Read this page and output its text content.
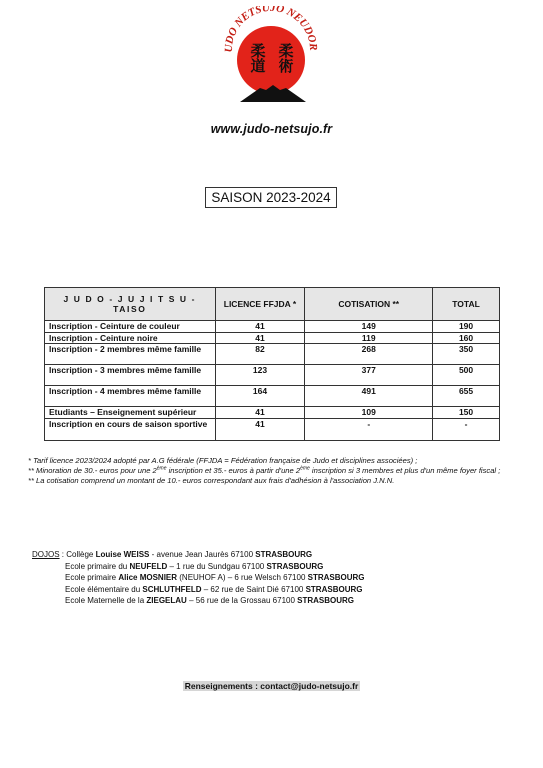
UDO NETSUJO NEUDOR
柔道 柔術
www.judo-netsujo.fr
SAISON 2023-2024
J U D O - J U J I T S U - TAISO	LICENCE FFJDA *	COTISATION **	TOTAL
Inscription - Ceinture de couleur	41	149	190
Inscription - Ceinture noire	41	119	160
Inscription - 2 membres même famille	82	268	350
Inscription - 3 membres même famille	123	377	500
Inscription - 4 membres même famille	164	491	655
Etudiants – Enseignement supérieur	41	109	150
Inscription en cours de saison sportive	41	-	-

* Tarif licence 2023/2024 adopté par A.G fédérale (FFJDA = Fédération française de Judo et disciplines associées) ;

** Minoration de 30.- euros pour une 2ème inscription et 35.- euros à partir d'une 2ème inscription si 3 membres et plus d'un même foyer fiscal ;

** La cotisation comprend un montant de 10.- euros correspondant aux frais d'adhésion à l'association J.N.N.

DOJOS : Collège Louise WEISS - avenue Jean Jaurès 67100 STRASBOURG
Ecole primaire du NEUFELD – 1 rue du Sundgau 67100 STRASBOURG
Ecole primaire Alice MOSNIER (NEUHOF A) – 6 rue Welsch 67100 STRASBOURG
Ecole élémentaire du SCHLUTHFELD – 62 rue de Saint Dié 67100 STRASBOURG
Ecole Maternelle de la ZIEGELAU – 56 rue de la Grossau 67100 STRASBOURG
Renseignements : contact@judo-netsujo.fr
